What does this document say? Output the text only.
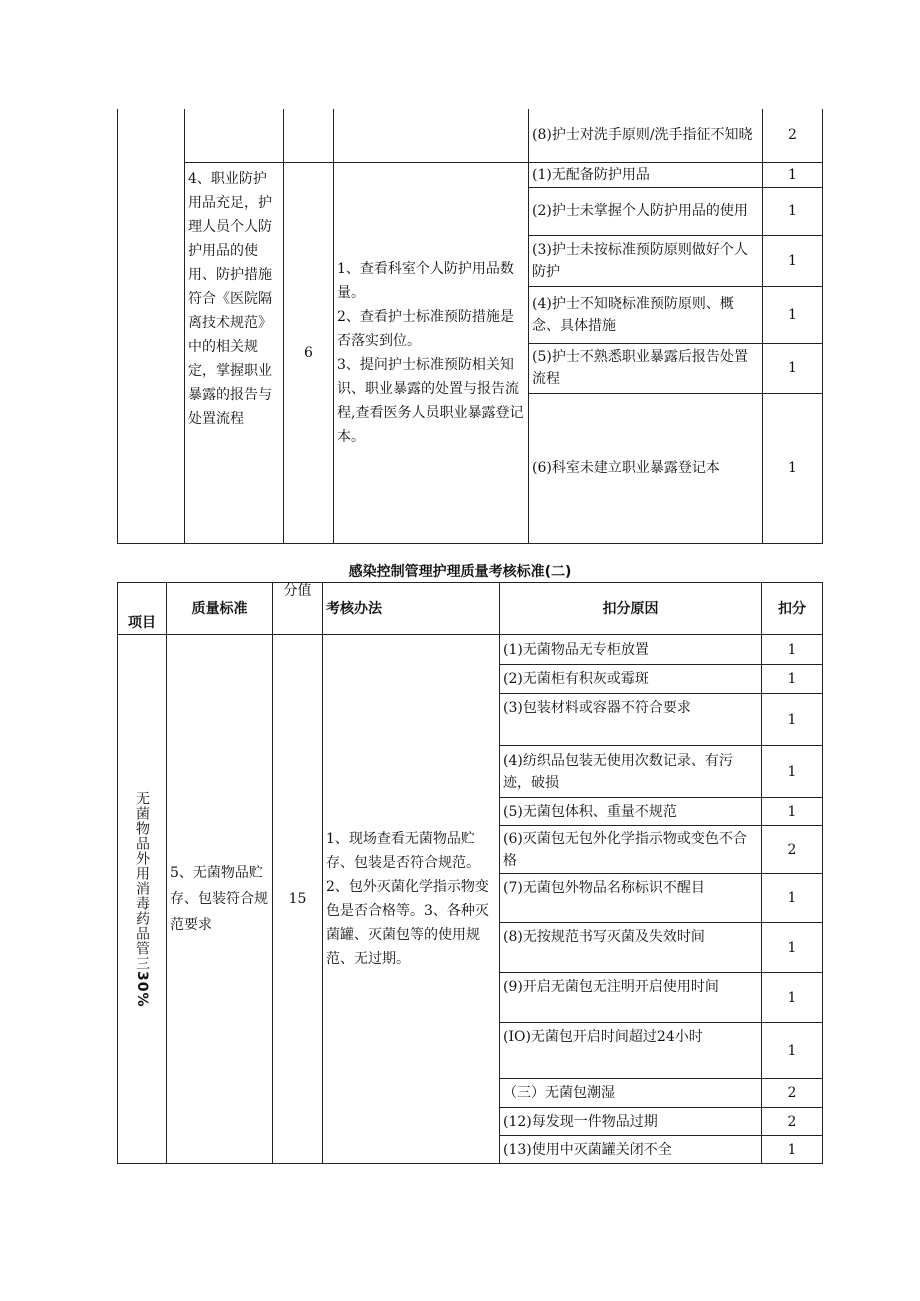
				(8)护士对洗手原则/洗手指征不知晓	2
	4、职业防护用品充足，护理人员个人防护用品的使用、防护措施符合《医院隔离技术规范》中的相关规定，掌握职业暴露的报告与处置流程	6	1、查看科室个人防护用品数量。
2、查看护士标准预防措施是否落实到位。
3、提问护士标准预防相关知识、职业暴露的处置与报告流程,查看医务人员职业暴露登记本。	(1)无配备防护用品	1
				(2)护士未掌握个人防护用品的使用	1
				(3)护士未按标准预防原则做好个人防护	1
				(4)护士不知晓标准预防原则、概念、具体措施	1
				(5)护士不熟悉职业暴露后报告处置流程	1
				(6)科室未建立职业暴露登记本	1
感染控制管理护理质量考核标准(二)
项目	质量标准	分值	考核办法	扣分原因	扣分

无菌物品外用消毒药品管三30%	5、无菌物品贮存、包装符合规范要求	15	1、现场查看无菌物品贮存、包装是否符合规范。
2、包外灭菌化学指示物变色是否合格等。3、各种灭菌罐、灭菌包等的使用规范、无过期。	(1)无菌物品无专柜放置	1
				(2)无菌柜有积灰或霉斑	1
				(3)包装材料或容器不符合要求	1
				(4)纺织品包装无使用次数记录、有污迹，破损	1
				(5)无菌包体积、重量不规范	1
				(6)灭菌包无包外化学指示物或变色不合格	2
				(7)无菌包外物品名称标识不醒目	1
				(8)无按规范书写灭菌及失效时间	1
				(9)开启无菌包无注明开启使用时间	1
				(IO)无菌包开启时间超过24小时	1
				（三）无菌包潮湿	2
				(12)每发现一件物品过期	2
				(13)使用中灭菌罐关闭不全	1
